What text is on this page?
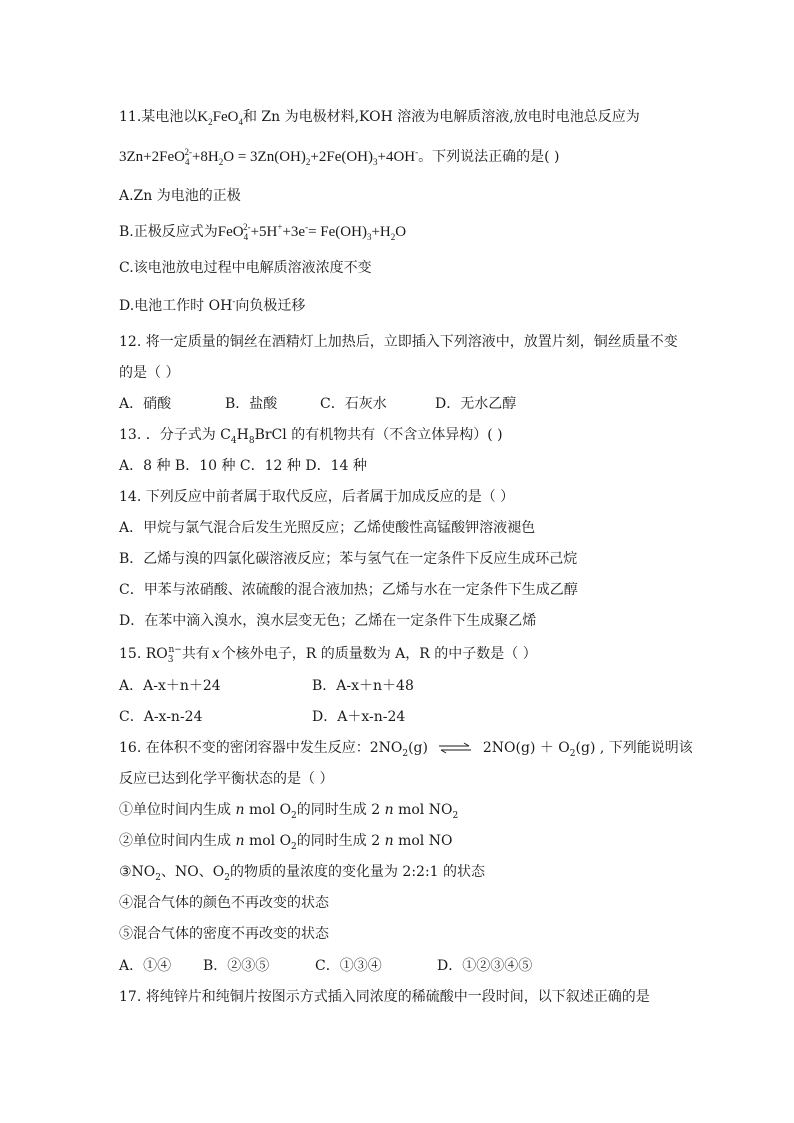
11.某电池以$K_2FeO_4$和 Zn 为电极材料,KOH 溶液为电解质溶液,放电时电池总反应为
$3Zn+2FeO_4^{2-}+8H_2O = 3Zn(OH)_2+2Fe(OH)_3+4OH^-$。下列说法正确的是( )
A.Zn 为电池的正极
B.正极反应式为$FeO_4^{2-}+5H^++3e^-= Fe(OH)_3+H_2O$
C.该电池放电过程中电解质溶液浓度不变
D.电池工作时 OH-向负极迁移
12. 将一定质量的铜丝在酒精灯上加热后，立即插入下列溶液中，放置片刻，铜丝质量不变
的是（ ）
A．硝酸	B．盐酸	C．石灰水	D．无水乙醇
13. ．分子式为 $C_4H_8BrCl$ 的有机物共有（不含立体异构）( )
A．8 种 B．10 种 C．12 种 D．14 种
14. 下列反应中前者属于取代反应，后者属于加成反应的是（ ）
A．甲烷与氯气混合后发生光照反应；乙烯使酸性高锰酸钾溶液褪色
B．乙烯与溴的四氯化碳溶液反应；苯与氢气在一定条件下反应生成环己烷
C．甲苯与浓硝酸、浓硫酸的混合液加热；乙烯与水在一定条件下生成乙醇
D．在苯中滴入溴水，溴水层变无色；乙烯在一定条件下生成聚乙烯
15. $RO_3^{n-}$共有 x 个核外电子，R 的质量数为 A，R 的中子数是（ ）
A．A-x＋n＋24	B．A-x＋n＋48
C．A-x-n-24	D．A＋x-n-24
16. 在体积不变的密闭容器中发生反应：$2NO_2(g)$ ⇌ $2NO(g) + O_2(g)$ , 下列能说明该
反应已达到化学平衡状态的是（ ）
①单位时间内生成 n mol $O_2$的同时生成 2 n mol $NO_2$
②单位时间内生成 n mol $O_2$的同时生成 2 n mol NO
$③NO_2$、NO、$O_2$的物质的量浓度的变化量为 2:2:1 的状态
④混合气体的颜色不再改变的状态
⑤混合气体的密度不再改变的状态
A．①④ B．②③⑤	C．①③④	D．①②③④⑤
17. 将纯锌片和纯铜片按图示方式插入同浓度的稀硫酸中一段时间，以下叙述正确的是
